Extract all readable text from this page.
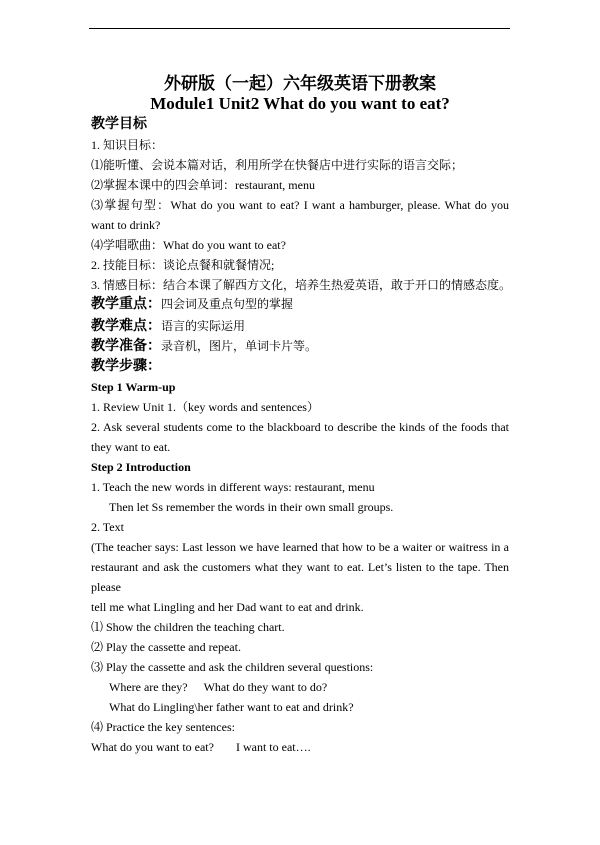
外研版（一起）六年级英语下册教案
Module1 Unit2 What do you want to eat?
教学目标
1. 知识目标：
⑴能听懂、会说本篇对话，利用所学在快餐店中进行实际的语言交际；
⑵掌握本课中的四会单词：restaurant, menu
⑶掌握句型：What do you want to eat? I want a hamburger, please. What do you
want to drink?
⑷学唱歌曲：What do you want to eat?
2. 技能目标：谈论点餐和就餐情况;
3. 情感目标：结合本课了解西方文化，培养生热爱英语，敢于开口的情感态度。
教学重点：四会词及重点句型的掌握
教学难点：语言的实际运用
教学准备：录音机，图片，单词卡片等。
教学步骤：
Step 1 Warm-up
1. Review Unit 1.（key words and sentences）
2. Ask several students come to the blackboard to describe the kinds of the foods that
they want to eat.
Step 2 Introduction
1. Teach the new words in different ways: restaurant, menu
Then let Ss remember the words in their own small groups.
2. Text
(The teacher says: Last lesson we have learned that how to be a waiter or waitress in a
restaurant and ask the customers what they want to eat. Let’s listen to the tape. Then
please
tell me what Lingling and her Dad want to eat and drink.
⑴ Show the children the teaching chart.
⑵ Play the cassette and repeat.
⑶ Play the cassette and ask the children several questions:
Where are they? What do they want to do?
What do Lingling\her father want to eat and drink?
⑷ Practice the key sentences:
What do you want to eat? I want to eat….
